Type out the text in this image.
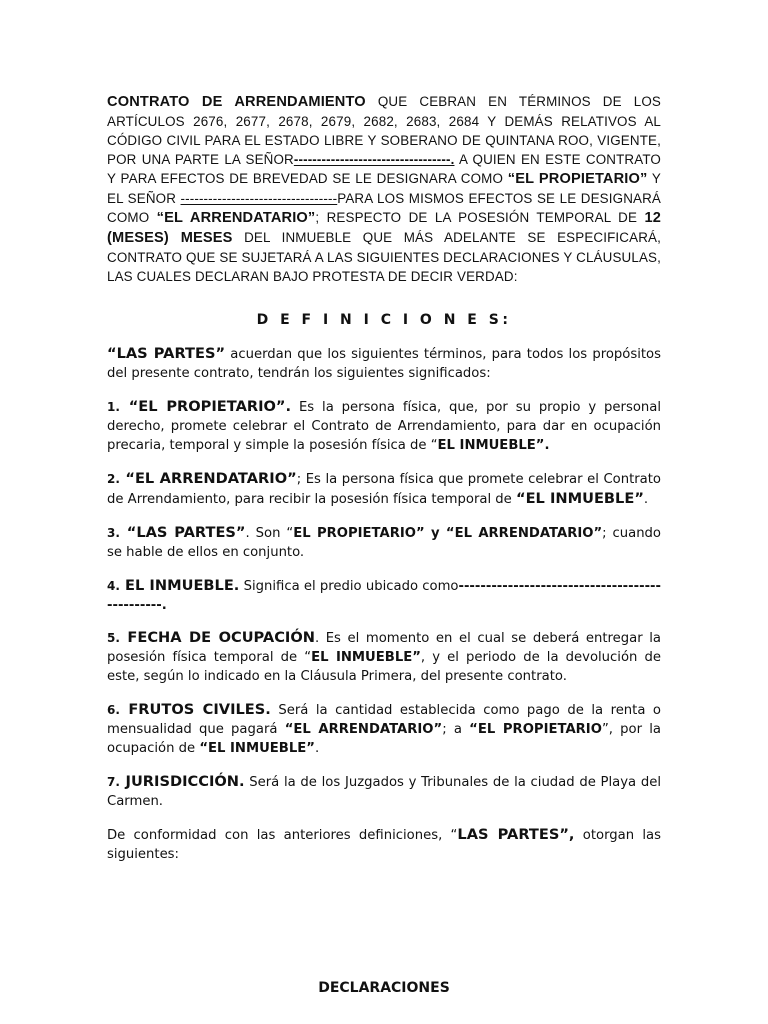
CONTRATO DE ARRENDAMIENTO QUE CEBRAN EN TÉRMINOS DE LOS ARTÍCULOS 2676, 2677, 2678, 2679, 2682, 2683, 2684 Y DEMÁS RELATIVOS AL CÓDIGO CIVIL PARA EL ESTADO LIBRE Y SOBERANO DE QUINTANA ROO, VIGENTE, POR UNA PARTE LA SEÑOR----------------------------------. A QUIEN EN ESTE CONTRATO Y PARA EFECTOS DE BREVEDAD SE LE DESIGNARA COMO “EL PROPIETARIO” Y EL SEÑOR ----------------------------------PARA LOS MISMOS EFECTOS SE LE DESIGNARÁ COMO “EL ARRENDATARIO”; RESPECTO DE LA POSESIÓN TEMPORAL DE 12 (MESES) MESES DEL INMUEBLE QUE MÁS ADELANTE SE ESPECIFICARÁ, CONTRATO QUE SE SUJETARÁ A LAS SIGUIENTES DECLARACIONES Y CLÁUSULAS, LAS CUALES DECLARAN BAJO PROTESTA DE DECIR VERDAD:

D E F I N I C I O N E S:

“LAS PARTES” acuerdan que los siguientes términos, para todos los propósitos del presente contrato, tendrán los siguientes significados:

1. “EL PROPIETARIO”. Es la persona física, que, por su propio y personal derecho, promete celebrar el Contrato de Arrendamiento, para dar en ocupación precaria, temporal y simple la posesión física de “EL INMUEBLE”.

2. “EL ARRENDATARIO”; Es la persona física que promete celebrar el Contrato de Arrendamiento, para recibir la posesión física temporal de “EL INMUEBLE”.

3. “LAS PARTES”. Son “EL PROPIETARIO” y “EL ARRENDATARIO”; cuando se hable de ellos en conjunto.

4. EL INMUEBLE. Significa el predio ubicado como-----------------------------------------------.

5. FECHA DE OCUPACIÓN. Es el momento en el cual se deberá entregar la posesión física temporal de “EL INMUEBLE”, y el periodo de la devolución de este, según lo indicado en la Cláusula Primera, del presente contrato.

6. FRUTOS CIVILES. Será la cantidad establecida como pago de la renta o mensualidad que pagará “EL ARRENDATARIO”; a “EL PROPIETARIO”, por la ocupación de “EL INMUEBLE”.

7. JURISDICCIÓN. Será la de los Juzgados y Tribunales de la ciudad de Playa del Carmen.

De conformidad con las anteriores definiciones, “LAS PARTES”, otorgan las siguientes:

DECLARACIONES
